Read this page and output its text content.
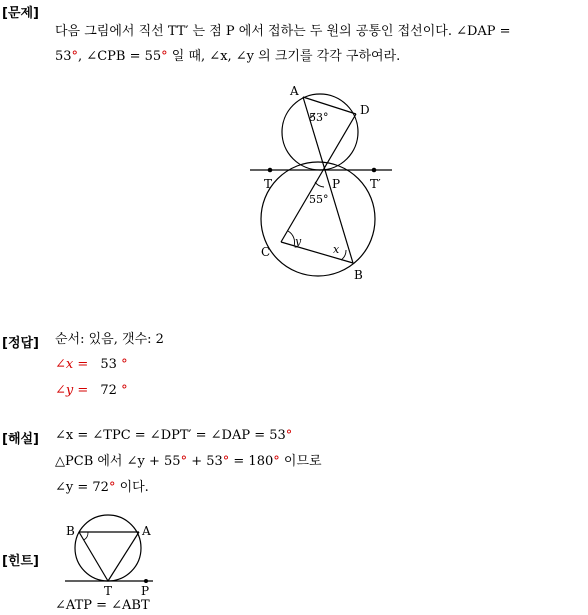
[문제]
다음 그림에서 직선 TT′ 는 점 P 에서 접하는 두 원의 공통인 접선이다. ∠DAP =
53°, ∠CPB = 55° 일 때, ∠x, ∠y 의 크기를 각각 구하여라.
A
D
53°
T	P T′
55°
C
y
x
B
[정답] 순서: 있음, 갯수: 2
∠x = 53 °
∠y = 72 °
[해설] ∠x = ∠TPC = ∠DPT′ = ∠DAP = 53°
△PCB 에서 ∠y + 55° + 53° = 180° 이므로
∠y = 72° 이다.
[힌트]
B	A
T P
∠ATP = ∠ABT
